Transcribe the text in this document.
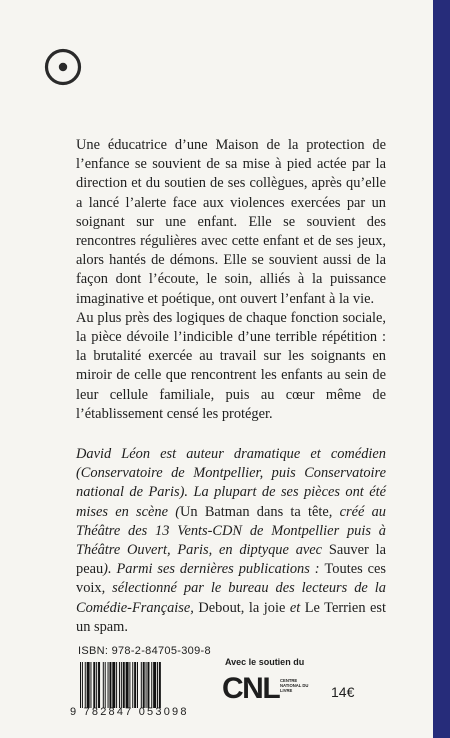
Une éducatrice d’une Maison de la protection de l’enfance se souvient de sa mise à pied actée par la direction et du soutien de ses collègues, après qu’elle a lancé l’alerte face aux violences exercées par un soignant sur une enfant. Elle se souvient des rencontres régulières avec cette enfant et de ses jeux, alors hantés de démons. Elle se souvient aussi de la façon dont l’écoute, le soin, alliés à la puissance imaginative et poétique, ont ouvert l’enfant à la vie.

Au plus près des logiques de chaque fonction sociale, la pièce dévoile l’indicible d’une terrible répétition : la brutalité exercée au travail sur les soignants en miroir de celle que rencontrent les enfants au sein de leur cellule familiale, puis au cœur même de l’établissement censé les protéger.

David Léon est auteur dramatique et comédien (Conservatoire de Montpellier, puis Conservatoire national de Paris). La plupart de ses pièces ont été mises en scène (Un Batman dans ta tête, créé au Théâtre des 13 Vents-CDN de Montpellier puis à Théâtre Ouvert, Paris, en diptyque avec Sauver la peau). Parmi ses dernières publications : Toutes ces voix, sélectionné par le bureau des lecteurs de la Comédie-Française, Debout, la joie et Le Terrien est un spam.

ISBN: 978-2-84705-309-8
9 782847 053098
Avec le soutien du
CNL CENTRE NATIONAL DU LIVRE	14€
